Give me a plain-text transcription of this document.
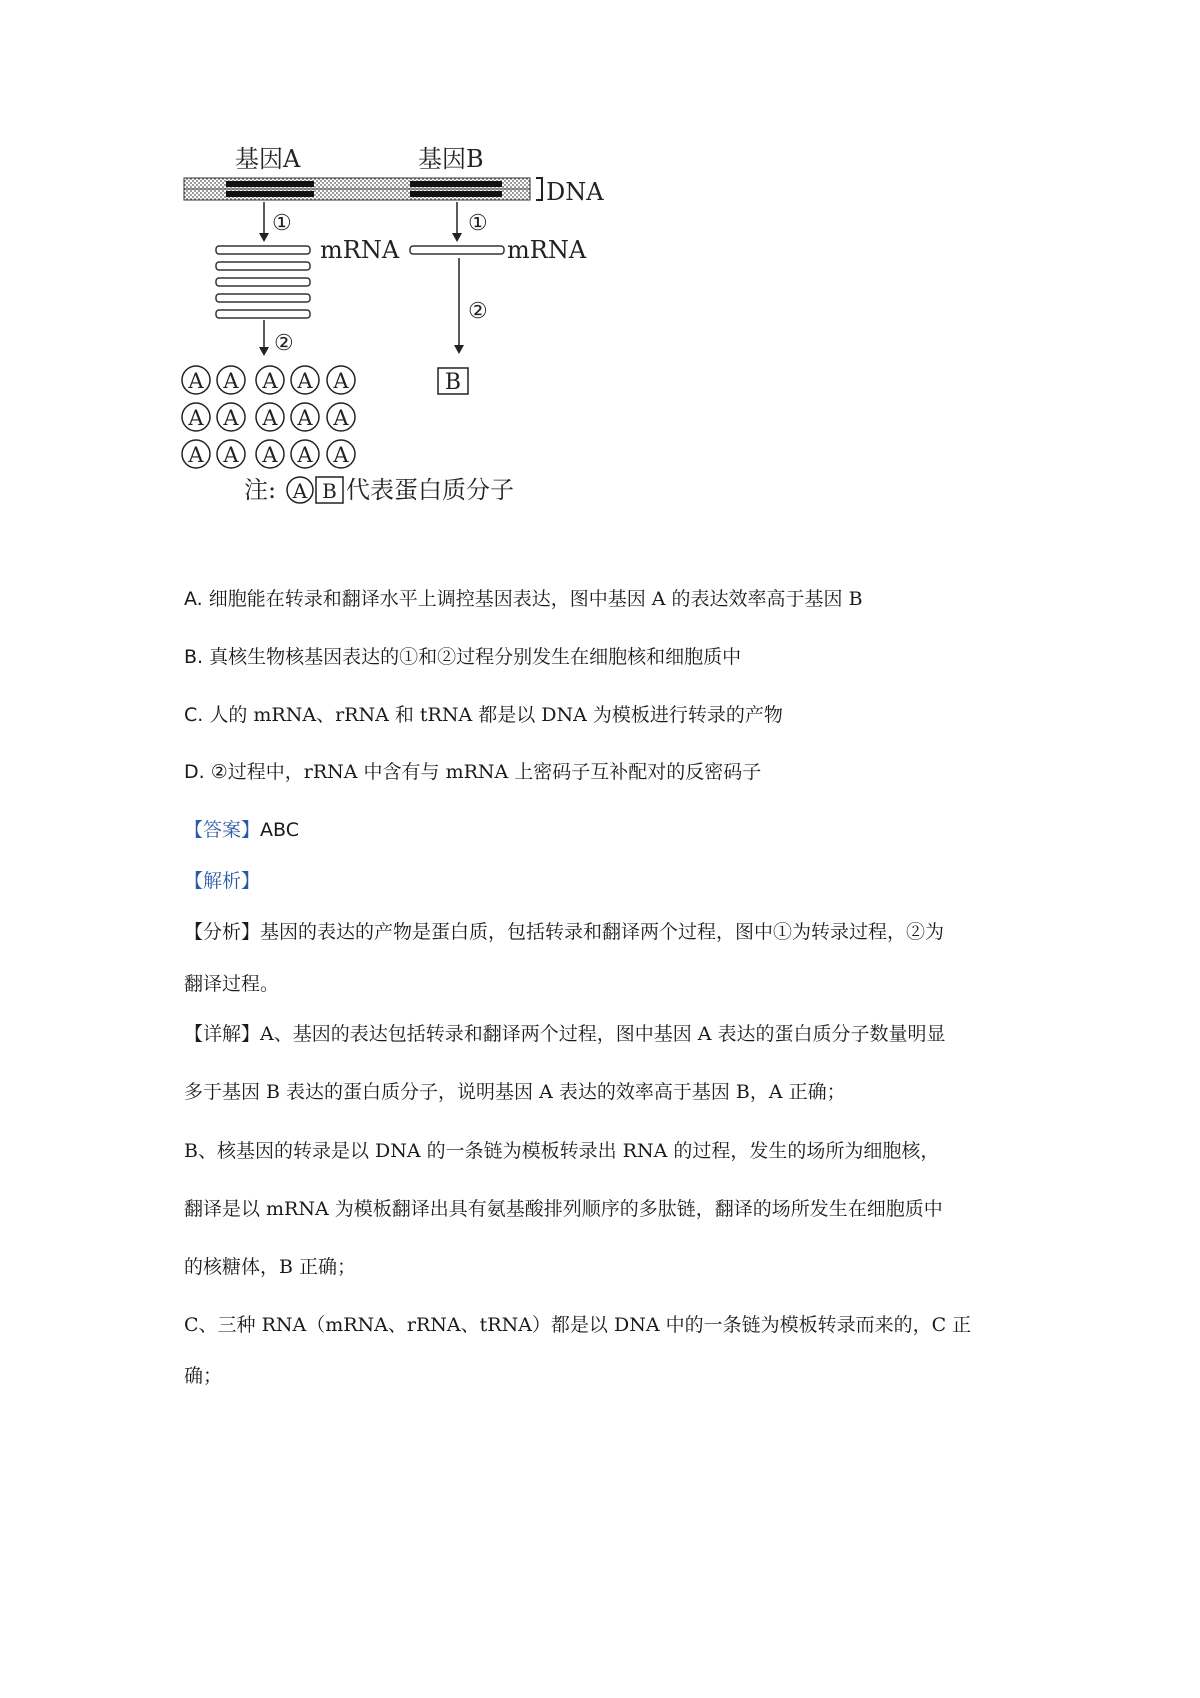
基因A	基因B
DNA
①	①
mRNA	mRNA
②
②
A A A A A
A A A A A
A A A A A
B
注: A B 代表蛋白质分子
A. 细胞能在转录和翻译水平上调控基因表达，图中基因 A 的表达效率高于基因 B
B. 真核生物核基因表达的①和②过程分别发生在细胞核和细胞质中
C. 人的 mRNA、rRNA 和 tRNA 都是以 DNA 为模板进行转录的产物
D. ②过程中，rRNA 中含有与 mRNA 上密码子互补配对的反密码子
【答案】ABC
【解析】
【分析】基因的表达的产物是蛋白质，包括转录和翻译两个过程，图中①为转录过程，②为
翻译过程。
【详解】A、基因的表达包括转录和翻译两个过程，图中基因 A 表达的蛋白质分子数量明显
多于基因 B 表达的蛋白质分子，说明基因 A 表达的效率高于基因 B，A 正确；
B、核基因的转录是以 DNA 的一条链为模板转录出 RNA 的过程，发生的场所为细胞核，
翻译是以 mRNA 为模板翻译出具有氨基酸排列顺序的多肽链，翻译的场所发生在细胞质中
的核糖体，B 正确；
C、三种 RNA（mRNA、rRNA、tRNA）都是以 DNA 中的一条链为模板转录而来的，C 正
确；
